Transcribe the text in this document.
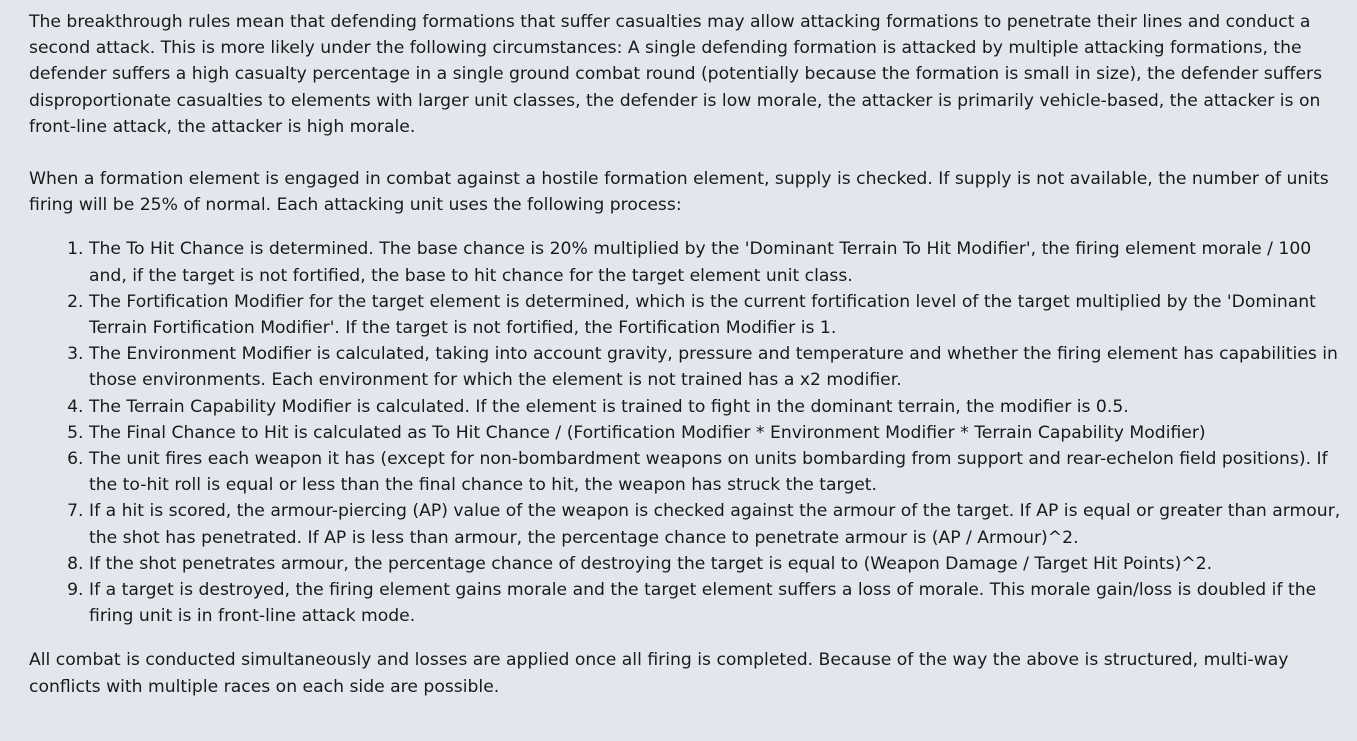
The breakthrough rules mean that defending formations that suffer casualties may allow attacking formations to penetrate their lines and conduct a second attack. This is more likely under the following circumstances: A single defending formation is attacked by multiple attacking formations, the defender suffers a high casualty percentage in a single ground combat round (potentially because the formation is small in size), the defender suffers disproportionate casualties to elements with larger unit classes, the defender is low morale, the attacker is primarily vehicle-based, the attacker is on front-line attack, the attacker is high morale.

When a formation element is engaged in combat against a hostile formation element, supply is checked. If supply is not available, the number of units firing will be 25% of normal. Each attacking unit uses the following process:

1. The To Hit Chance is determined. The base chance is 20% multiplied by the 'Dominant Terrain To Hit Modifier', the firing element morale / 100 and, if the target is not fortified, the base to hit chance for the target element unit class.
2. The Fortification Modifier for the target element is determined, which is the current fortification level of the target multiplied by the 'Dominant Terrain Fortification Modifier'. If the target is not fortified, the Fortification Modifier is 1.
3. The Environment Modifier is calculated, taking into account gravity, pressure and temperature and whether the firing element has capabilities in those environments. Each environment for which the element is not trained has a x2 modifier.
4. The Terrain Capability Modifier is calculated. If the element is trained to fight in the dominant terrain, the modifier is 0.5.
5. The Final Chance to Hit is calculated as To Hit Chance / (Fortification Modifier * Environment Modifier * Terrain Capability Modifier)
6. The unit fires each weapon it has (except for non-bombardment weapons on units bombarding from support and rear-echelon field positions). If the to-hit roll is equal or less than the final chance to hit, the weapon has struck the target.
7. If a hit is scored, the armour-piercing (AP) value of the weapon is checked against the armour of the target. If AP is equal or greater than armour, the shot has penetrated. If AP is less than armour, the percentage chance to penetrate armour is (AP / Armour)^2.
8. If the shot penetrates armour, the percentage chance of destroying the target is equal to (Weapon Damage / Target Hit Points)^2.
9. If a target is destroyed, the firing element gains morale and the target element suffers a loss of morale. This morale gain/loss is doubled if the firing unit is in front-line attack mode.

All combat is conducted simultaneously and losses are applied once all firing is completed. Because of the way the above is structured, multi-way conflicts with multiple races on each side are possible.
